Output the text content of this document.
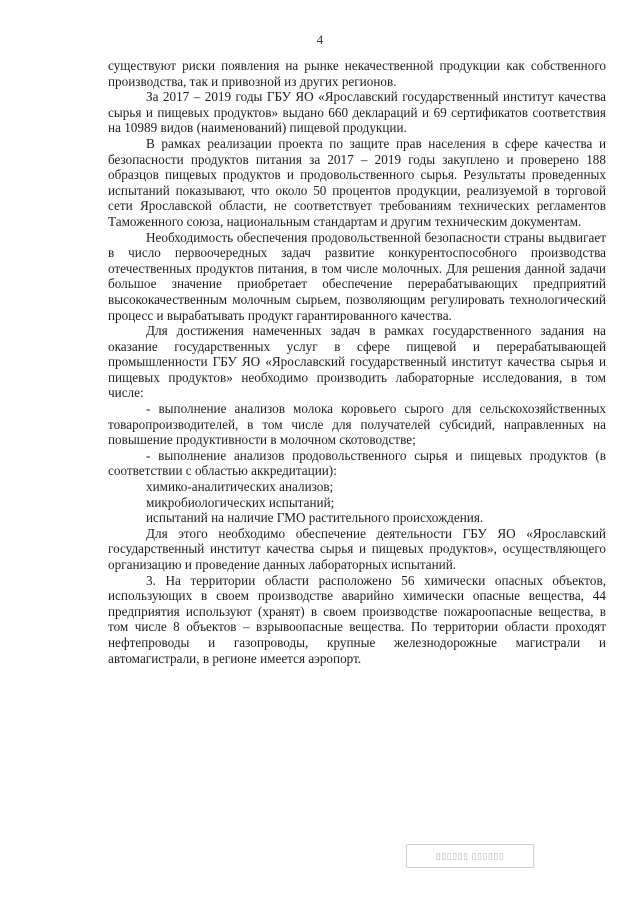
4

существуют риски появления на рынке некачественной продукции как собственного производства, так и привозной из других регионов.

За 2017 – 2019 годы ГБУ ЯО «Ярославский государственный институт качества сырья и пищевых продуктов» выдано 660 деклараций и 69 сертификатов соответствия на 10989 видов (наименований) пищевой продукции.

В рамках реализации проекта по защите прав населения в сфере качества и безопасности продуктов питания за 2017 – 2019 годы закуплено и проверено 188 образцов пищевых продуктов и продовольственного сырья. Результаты проведенных испытаний показывают, что около 50 процентов продукции, реализуемой в торговой сети Ярославской области, не соответствует требованиям технических регламентов Таможенного союза, национальным стандартам и другим техническим документам.

Необходимость обеспечения продовольственной безопасности страны выдвигает в число первоочередных задач развитие конкурентоспособного производства отечественных продуктов питания, в том числе молочных. Для решения данной задачи большое значение приобретает обеспечение перерабатывающих предприятий высококачественным молочным сырьем, позволяющим регулировать технологический процесс и вырабатывать продукт гарантированного качества.

Для достижения намеченных задач в рамках государственного задания на оказание государственных услуг в сфере пищевой и перерабатывающей промышленности ГБУ ЯО «Ярославский государственный институт качества сырья и пищевых продуктов» необходимо производить лабораторные исследования, в том числе:

- выполнение анализов молока коровьего сырого для сельскохозяйственных товаропроизводителей, в том числе для получателей субсидий, направленных на повышение продуктивности в молочном скотоводстве;

- выполнение анализов продовольственного сырья и пищевых продуктов (в соответствии с областью аккредитации):

химико-аналитических анализов;

микробиологических испытаний;

испытаний на наличие ГМО растительного происхождения.

Для этого необходимо обеспечение деятельности ГБУ ЯО «Ярославский государственный институт качества сырья и пищевых продуктов», осуществляющего организацию и проведение данных лабораторных испытаний.

3. На территории области расположено 56 химически опасных объектов, использующих в своем производстве аварийно химически опасные вещества, 44 предприятия используют (хранят) в своем производстве пожароопасные вещества, в том числе 8 объектов – взрывоопасные вещества. По территории области проходят нефтепроводы и газопроводы, крупные железнодорожные магистрали и автомагистрали, в регионе имеется аэропорт.

▯▯▯▯▯▯ ▯▯▯▯▯▯
